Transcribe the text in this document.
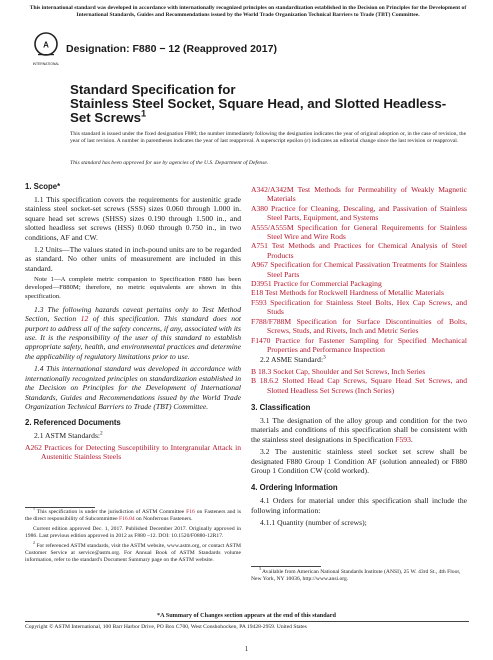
This international standard was developed in accordance with internationally recognized principles on standardization established in the Decision on Principles for the Development of International Standards, Guides and Recommendations issued by the World Trade Organization Technical Barriers to Trade (TBT) Committee.
A
INTERNATIONAL
Designation: F880 − 12 (Reapproved 2017)
Standard Specification for
Stainless Steel Socket, Square Head, and Slotted Headless-
Set Screws$^1$
This standard is issued under the fixed designation F880; the number immediately following the designation indicates the year of original adoption or, in the case of revision, the year of last revision. A number in parentheses indicates the year of last reapproval. A superscript epsilon (ε) indicates an editorial change since the last revision or reapproval.
This standard has been approved for use by agencies of the U.S. Department of Defense.
1. Scope*
1.1 This specification covers the requirements for austenitic grade stainless steel socket-set screws (SSS) sizes 0.060 through 1.000 in. square head set screws (SHSS) sizes 0.190 through 1.500 in., and slotted headless set screws (HSS) 0.060 through 0.750 in., in two conditions, AF and CW.
1.2 Units—The values stated in inch-pound units are to be regarded as standard. No other units of measurement are included in this standard.
Note 1—A complete metric companion to Specification F880 has been developed—F880M; therefore, no metric equivalents are shown in this specification.
1.3 The following hazards caveat pertains only to Test Method Section, Section 12 of this specification. This standard does not purport to address all of the safety concerns, if any, associated with its use. It is the responsibility of the user of this standard to establish appropriate safety, health, and environmental practices and determine the applicability of regulatory limitations prior to use.
1.4 This international standard was developed in accordance with internationally recognized principles on standardization established in the Decision on Principles for the Development of International Standards, Guides and Recommendations issued by the World Trade Organization Technical Barriers to Trade (TBT) Committee.
2. Referenced Documents
2.1 ASTM Standards:$^2$
A262 Practices for Detecting Susceptibility to Intergranular Attack in Austenitic Stainless Steels
A342/A342M Test Methods for Permeability of Weakly Magnetic Materials
A380 Practice for Cleaning, Descaling, and Passivation of Stainless Steel Parts, Equipment, and Systems
A555/A555M Specification for General Requirements for Stainless Steel Wire and Wire Rods
A751 Test Methods and Practices for Chemical Analysis of Steel Products
A967 Specification for Chemical Passivation Treatments for Stainless Steel Parts
D3951 Practice for Commercial Packaging
E18 Test Methods for Rockwell Hardness of Metallic Materials
F593 Specification for Stainless Steel Bolts, Hex Cap Screws, and Studs
F788/F788M Specification for Surface Discontinuities of Bolts, Screws, Studs, and Rivets, Inch and Metric Series
F1470 Practice for Fastener Sampling for Specified Mechanical Properties and Performance Inspection
2.2 ASME Standard:$^3$
B 18.3 Socket Cap, Shoulder and Set Screws, Inch Series
B 18.6.2 Slotted Head Cap Screws, Square Head Set Screws, and Slotted Headless Set Screws (Inch Series)
3. Classification
3.1 The designation of the alloy group and condition for the two materials and conditions of this specification shall be consistent with the stainless steel designations in Specification F593.
3.2 The austenitic stainless steel socket set screw shall be designated F880 Group 1 Condition AF (solution annealed) or F880 Group 1 Condition CW (cold worked).
4. Ordering Information
4.1 Orders for material under this specification shall include the following information:
4.1.1 Quantity (number of screws);
$^1$ This specification is under the jurisdiction of ASTM Committee F16 on Fasteners and is the direct responsibility of Subcommittee F16.04 on Nonferrous Fasteners.
Current edition approved Dec. 1, 2017. Published December 2017. Originally approved in 1986. Last previous edition approved in 2012 as F880 –12. DOI: 10.1520/F0880-12R17.
$^2$ For referenced ASTM standards, visit the ASTM website, www.astm.org, or contact ASTM Customer Service at service@astm.org. For Annual Book of ASTM Standards volume information, refer to the standard's Document Summary page on the ASTM website.
$^3$ Available from American National Standards Institute (ANSI), 25 W. 43rd St., 4th Floor, New York, NY 10036, http://www.ansi.org.
*A Summary of Changes section appears at the end of this standard
Copyright © ASTM International, 100 Barr Harbor Drive, PO Box C700, West Conshohocken, PA 19428-2959. United States
1
